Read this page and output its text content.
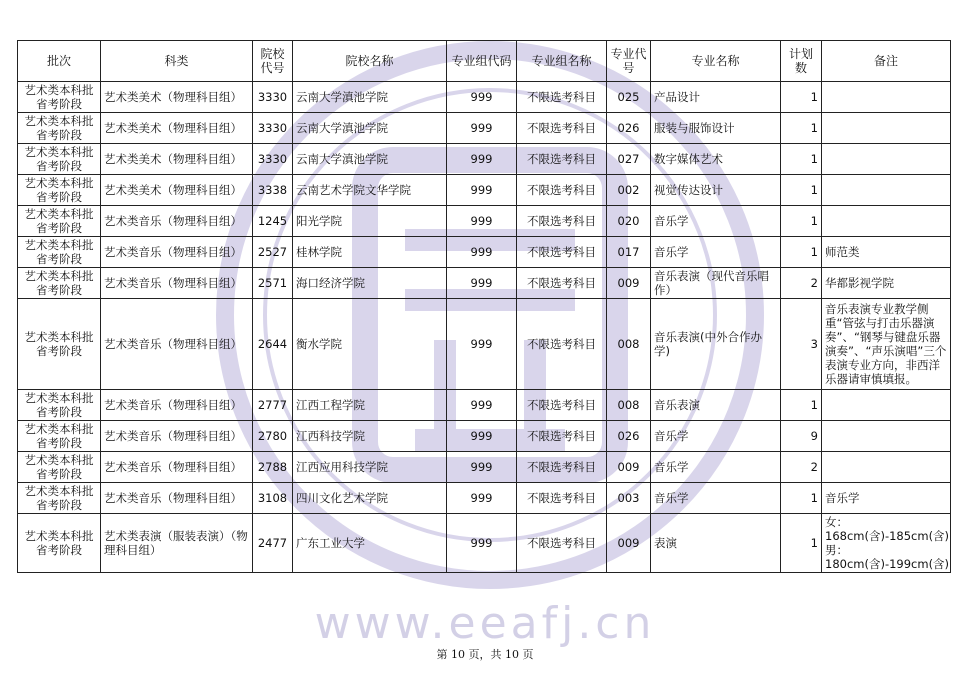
www.eeafj.cn
批次	科类	院校代号	院校名称	专业组代码	专业组名称	专业代号	专业名称	计划数	备注
艺术类本科批省考阶段	艺术类美术（物理科目组）	3330	云南大学滇池学院	999	不限选考科目	025	产品设计	1	
艺术类本科批省考阶段	艺术类美术（物理科目组）	3330	云南大学滇池学院	999	不限选考科目	026	服装与服饰设计	1	
艺术类本科批省考阶段	艺术类美术（物理科目组）	3330	云南大学滇池学院	999	不限选考科目	027	数字媒体艺术	1	
艺术类本科批省考阶段	艺术类美术（物理科目组）	3338	云南艺术学院文华学院	999	不限选考科目	002	视觉传达设计	1	
艺术类本科批省考阶段	艺术类音乐（物理科目组）	1245	阳光学院	999	不限选考科目	020	音乐学	1	
艺术类本科批省考阶段	艺术类音乐（物理科目组）	2527	桂林学院	999	不限选考科目	017	音乐学	1	师范类
艺术类本科批省考阶段	艺术类音乐（物理科目组）	2571	海口经济学院	999	不限选考科目	009	音乐表演（现代音乐唱作）	2	华都影视学院
艺术类本科批省考阶段	艺术类音乐（物理科目组）	2644	衡水学院	999	不限选考科目	008	音乐表演(中外合作办学)	3	音乐表演专业教学侧重“管弦与打击乐器演奏”、“钢琴与键盘乐器演奏”、“声乐演唱”三个表演专业方向，非西洋乐器请审慎填报。
艺术类本科批省考阶段	艺术类音乐（物理科目组）	2777	江西工程学院	999	不限选考科目	008	音乐表演	1	
艺术类本科批省考阶段	艺术类音乐（物理科目组）	2780	江西科技学院	999	不限选考科目	026	音乐学	9	
艺术类本科批省考阶段	艺术类音乐（物理科目组）	2788	江西应用科技学院	999	不限选考科目	009	音乐学	2	
艺术类本科批省考阶段	艺术类音乐（物理科目组）	3108	四川文化艺术学院	999	不限选考科目	003	音乐学	1	音乐学
艺术类本科批省考阶段	艺术类表演（服装表演）（物理科目组）	2477	广东工业大学	999	不限选考科目	009	表演	1	女：168cm(含)-185cm(含) 男：180cm(含)-199cm(含)
第 10 页，共 10 页
